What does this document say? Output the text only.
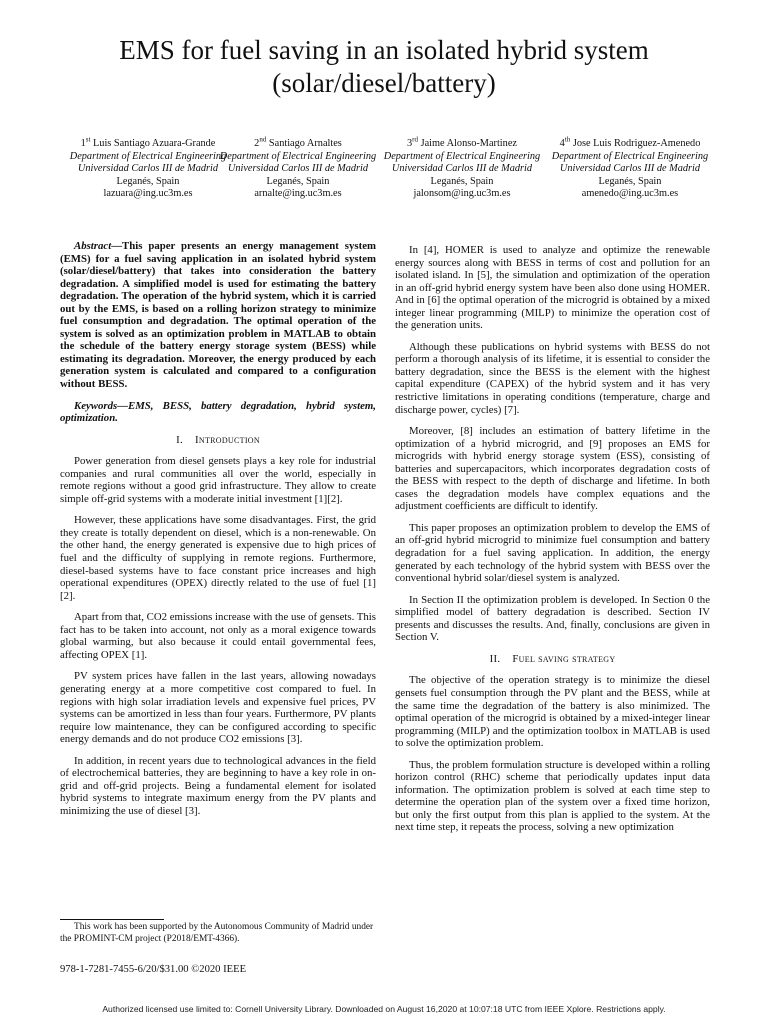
EMS for fuel saving in an isolated hybrid system (solar/diesel/battery)
1st Luis Santiago Azuara-Grande
Department of Electrical Engineering
Universidad Carlos III de Madrid
Leganés, Spain
lazuara@ing.uc3m.es
2nd Santiago Arnaltes
Department of Electrical Engineering
Universidad Carlos III de Madrid
Leganés, Spain
arnalte@ing.uc3m.es
3rd Jaime Alonso-Martinez
Department of Electrical Engineering
Universidad Carlos III de Madrid
Leganés, Spain
jalonsom@ing.uc3m.es
4th Jose Luis Rodriguez-Amenedo
Department of Electrical Engineering
Universidad Carlos III de Madrid
Leganés, Spain
amenedo@ing.uc3m.es

Abstract—This paper presents an energy management system (EMS) for a fuel saving application in an isolated hybrid system (solar/diesel/battery) that takes into consideration the battery degradation. A simplified model is used for estimating the battery degradation. The operation of the hybrid system, which it is carried out by the EMS, is based on a rolling horizon strategy to minimize fuel consumption and degradation. The optimal operation of the system is solved as an optimization problem in MATLAB to obtain the schedule of the battery energy storage system (BESS) while estimating its degradation. Moreover, the energy produced by each generation system is calculated and compared to a configuration without BESS.

Keywords—EMS, BESS, battery degradation, hybrid system, optimization.

I. Introduction

Power generation from diesel gensets plays a key role for industrial companies and rural communities all over the world, especially in remote regions without a good grid infrastructure. They allow to create simple off-grid systems with a moderate initial investment [1][2].

However, these applications have some disadvantages. First, the grid they create is totally dependent on diesel, which is a non-renewable. On the other hand, the energy generated is expensive due to high prices of fuel and the difficulty of supplying in remote regions. Furthermore, diesel-based systems have to face constant price increases and high operational expenditures (OPEX) directly related to the use of fuel [1][2].

Apart from that, CO2 emissions increase with the use of gensets. This fact has to be taken into account, not only as a moral exigence towards global warming, but also because it could entail governmental fees, affecting OPEX [1].

PV system prices have fallen in the last years, allowing nowadays generating energy at a more competitive cost compared to fuel. In regions with high solar irradiation levels and expensive fuel prices, PV systems can be amortized in less than four years. Furthermore, PV plants require low maintenance, they can be configured according to specific energy demands and do not produce CO2 emissions [3].

In addition, in recent years due to technological advances in the field of electrochemical batteries, they are beginning to have a key role in on-grid and off-grid projects. Being a fundamental element for isolated hybrid systems to integrate maximum energy from the PV plants and minimizing the use of diesel [3].

In [4], HOMER is used to analyze and optimize the renewable energy sources along with BESS in terms of cost and pollution for an isolated island. In [5], the simulation and optimization of the operation in an off-grid hybrid energy system have been also done using HOMER. And in [6] the optimal operation of the microgrid is obtained by a mixed integer linear programming (MILP) to minimize the operation cost of the generation units.

Although these publications on hybrid systems with BESS do not perform a thorough analysis of its lifetime, it is essential to consider the battery degradation, since the BESS is the element with the highest capital expenditure (CAPEX) of the hybrid system and it has very restrictive limitations in operating conditions (temperature, charge and discharge power, cycles) [7].

Moreover, [8] includes an estimation of battery lifetime in the optimization of a hybrid microgrid, and [9] proposes an EMS for microgrids with hybrid energy storage system (ESS), consisting of batteries and supercapacitors, which incorporates degradation costs of the BESS with respect to the depth of discharge and lifetime. In both cases the degradation models have complex equations and the adjustment coefficients are difficult to identify.

This paper proposes an optimization problem to develop the EMS of an off-grid hybrid microgrid to minimize fuel consumption and battery degradation for a fuel saving application. In addition, the energy generated by each technology of the hybrid system with BESS over the conventional hybrid solar/diesel system is analyzed.

In Section II the optimization problem is developed. In Section 0 the simplified model of battery degradation is described. Section IV presents and discusses the results. And, finally, conclusions are given in Section V.

II. Fuel saving strategy

The objective of the operation strategy is to minimize the diesel gensets fuel consumption through the PV plant and the BESS, while at the same time the degradation of the battery is also minimized. The optimal operation of the microgrid is obtained by a mixed-integer linear programming (MILP) and the optimization toolbox in MATLAB is used to solve the optimization problem.

Thus, the problem formulation structure is developed within a rolling horizon control (RHC) scheme that periodically updates input data information. The optimization problem is solved at each time step to determine the operation plan of the system over a fixed time horizon, but only the first output from this plan is applied to the system. At the next time step, it repeats the process, solving a new optimization

This work has been supported by the Autonomous Community of Madrid under the PROMINT-CM project (P2018/EMT-4366).
978-1-7281-7455-6/20/$31.00 ©2020 IEEE
Authorized licensed use limited to: Cornell University Library. Downloaded on August 16,2020 at 10:07:18 UTC from IEEE Xplore. Restrictions apply.
